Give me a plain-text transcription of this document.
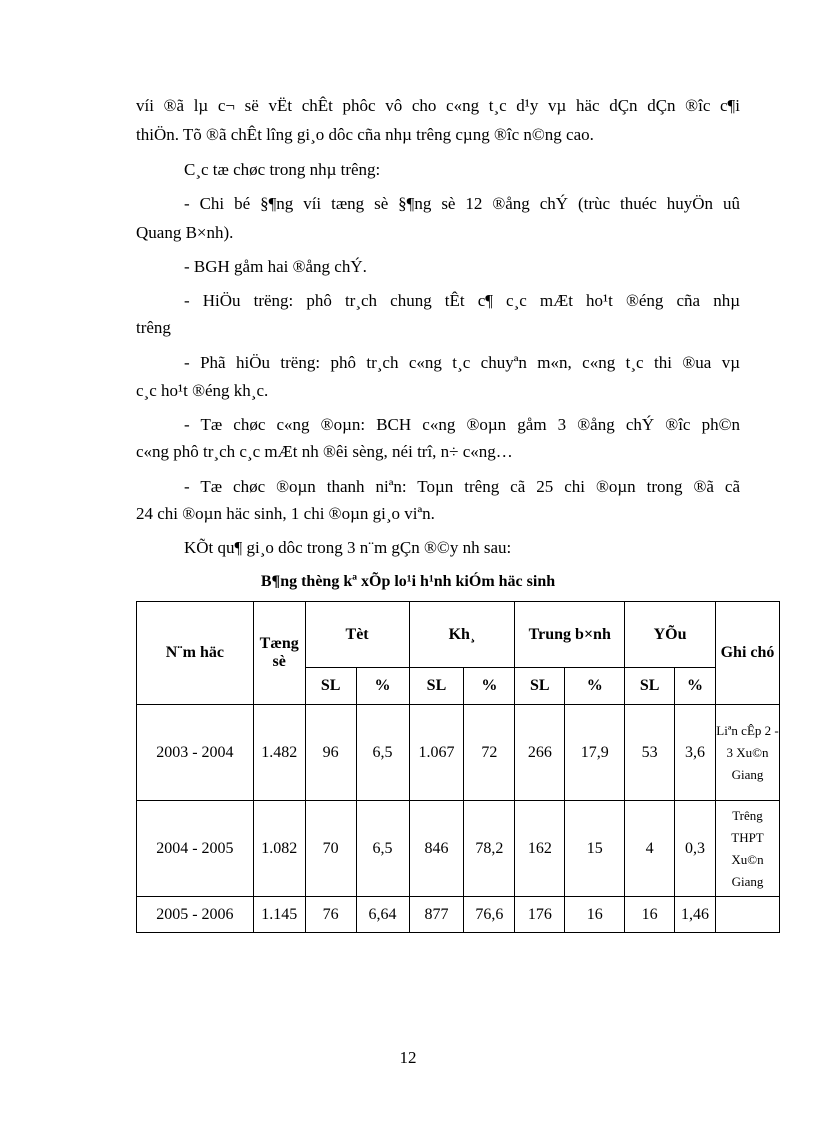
víi ®ã lµ c¬ së vËt chÊt phôc vô cho c«ng t¸c d¹y vµ häc dÇn dÇn ®îc c¶i
thiÖn. Tõ ®ã chÊt lîng gi¸o dôc cña nhµ trêng cµng ®îc n©ng cao.
C¸c tæ chøc trong nhµ trêng:
- Chi bé §¶ng víi tæng sè §¶ng sè 12 ®ång chÝ (trùc thuéc huyÖn uû
Quang B×nh).
- BGH gåm hai ®ång chÝ.
- HiÖu trëng: phô tr¸ch chung tÊt c¶ c¸c mÆt ho¹t ®éng cña nhµ
trêng
- Phã hiÖu trëng: phô tr¸ch c«ng t¸c chuyªn m«n, c«ng t¸c thi ®ua vµ
c¸c ho¹t ®éng kh¸c.
- Tæ chøc c«ng ®oµn: BCH c«ng ®oµn gåm 3 ®ång chÝ ®îc ph©n
c«ng phô tr¸ch c¸c mÆt nh ®êi sèng, néi trî, n÷ c«ng…
- Tæ chøc ®oµn thanh niªn: Toµn trêng cã 25 chi ®oµn trong ®ã cã
24 chi ®oµn häc sinh, 1 chi ®oµn gi¸o viªn.
KÕt qu¶ gi¸o dôc trong 3 n¨m gÇn ®©y nh sau:
B¶ng thèng kª xÕp lo¹i h¹nh kiÓm häc sinh
N¨m häc	Tæng sè	Tèt		Kh¸		Trung b×nh		YÕu		Ghi chó
		SL	%	SL	%	SL	%	SL	%	
2003 - 2004	1.482	96	6,5	1.067	72	266	17,9	53	3,6	Liªn cÊp 2 - 3 Xu©n Giang
2004 - 2005	1.082	70	6,5	846	78,2	162	15	4	0,3	Trêng THPT Xu©n Giang
2005 - 2006	1.145	76	6,64	877	76,6	176	16	16	1,46	
12
